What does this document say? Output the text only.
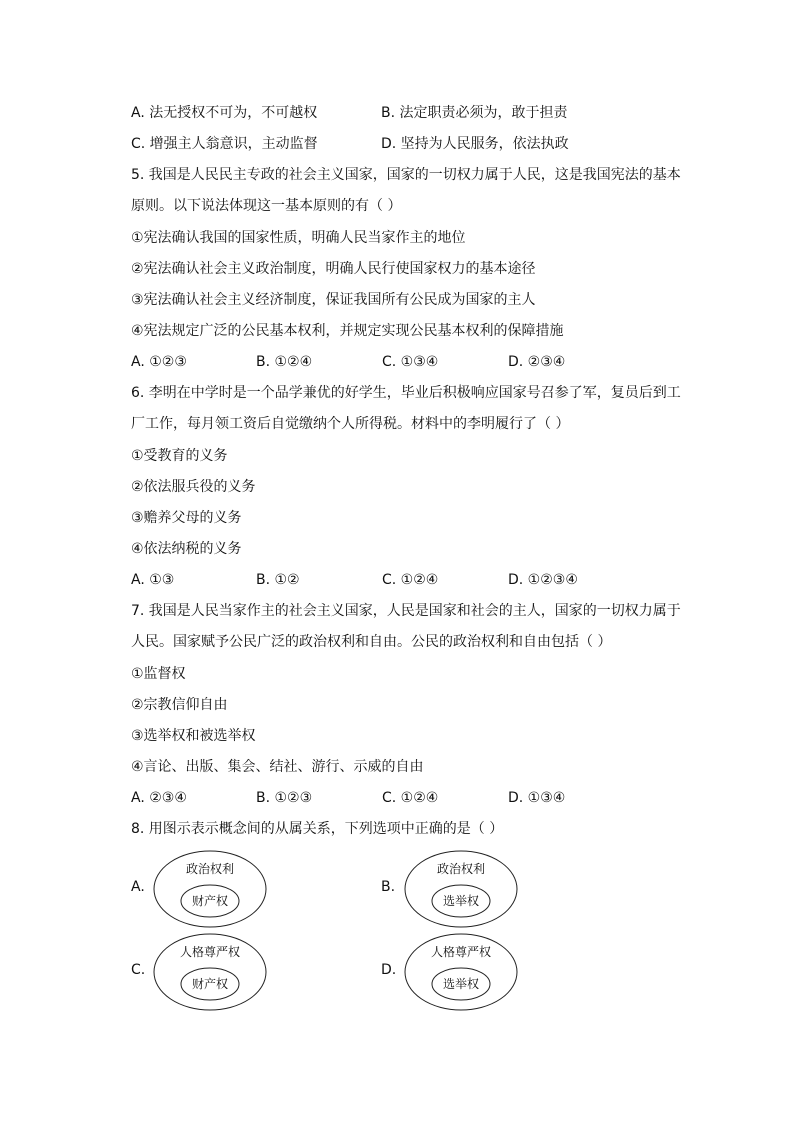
A. 法无授权不可为，不可越权	B. 法定职责必须为，敢于担责
C. 增强主人翁意识，主动监督	D. 坚持为人民服务，依法执政
5. 我国是人民民主专政的社会主义国家，国家的一切权力属于人民，这是我国宪法的基本
原则。以下说法体现这一基本原则的有（ ）
①宪法确认我国的国家性质，明确人民当家作主的地位
②宪法确认社会主义政治制度，明确人民行使国家权力的基本途径
③宪法确认社会主义经济制度，保证我国所有公民成为国家的主人
④宪法规定广泛的公民基本权利，并规定实现公民基本权利的保障措施
A. ①②③	B. ①②④	C. ①③④	D. ②③④
6. 李明在中学时是一个品学兼优的好学生，毕业后积极响应国家号召参了军，复员后到工
厂工作，每月领工资后自觉缴纳个人所得税。材料中的李明履行了（ ）
①受教育的义务
②依法服兵役的义务
③赡养父母的义务
④依法纳税的义务
A. ①③	B. ①②	C. ①②④	D. ①②③④
7. 我国是人民当家作主的社会主义国家，人民是国家和社会的主人，国家的一切权力属于
人民。国家赋予公民广泛的政治权利和自由。公民的政治权利和自由包括（ ）
①监督权
②宗教信仰自由
③选举权和被选举权
④言论、出版、集会、结社、游行、示威的自由
A. ②③④	B. ①②③	C. ①②④	D. ①③④
8. 用图示表示概念间的从属关系，下列选项中正确的是（ ）
A.
政治权利
财产权
B.
政治权利
选举权
C.
人格尊严权
财产权
D.
人格尊严权
选举权
